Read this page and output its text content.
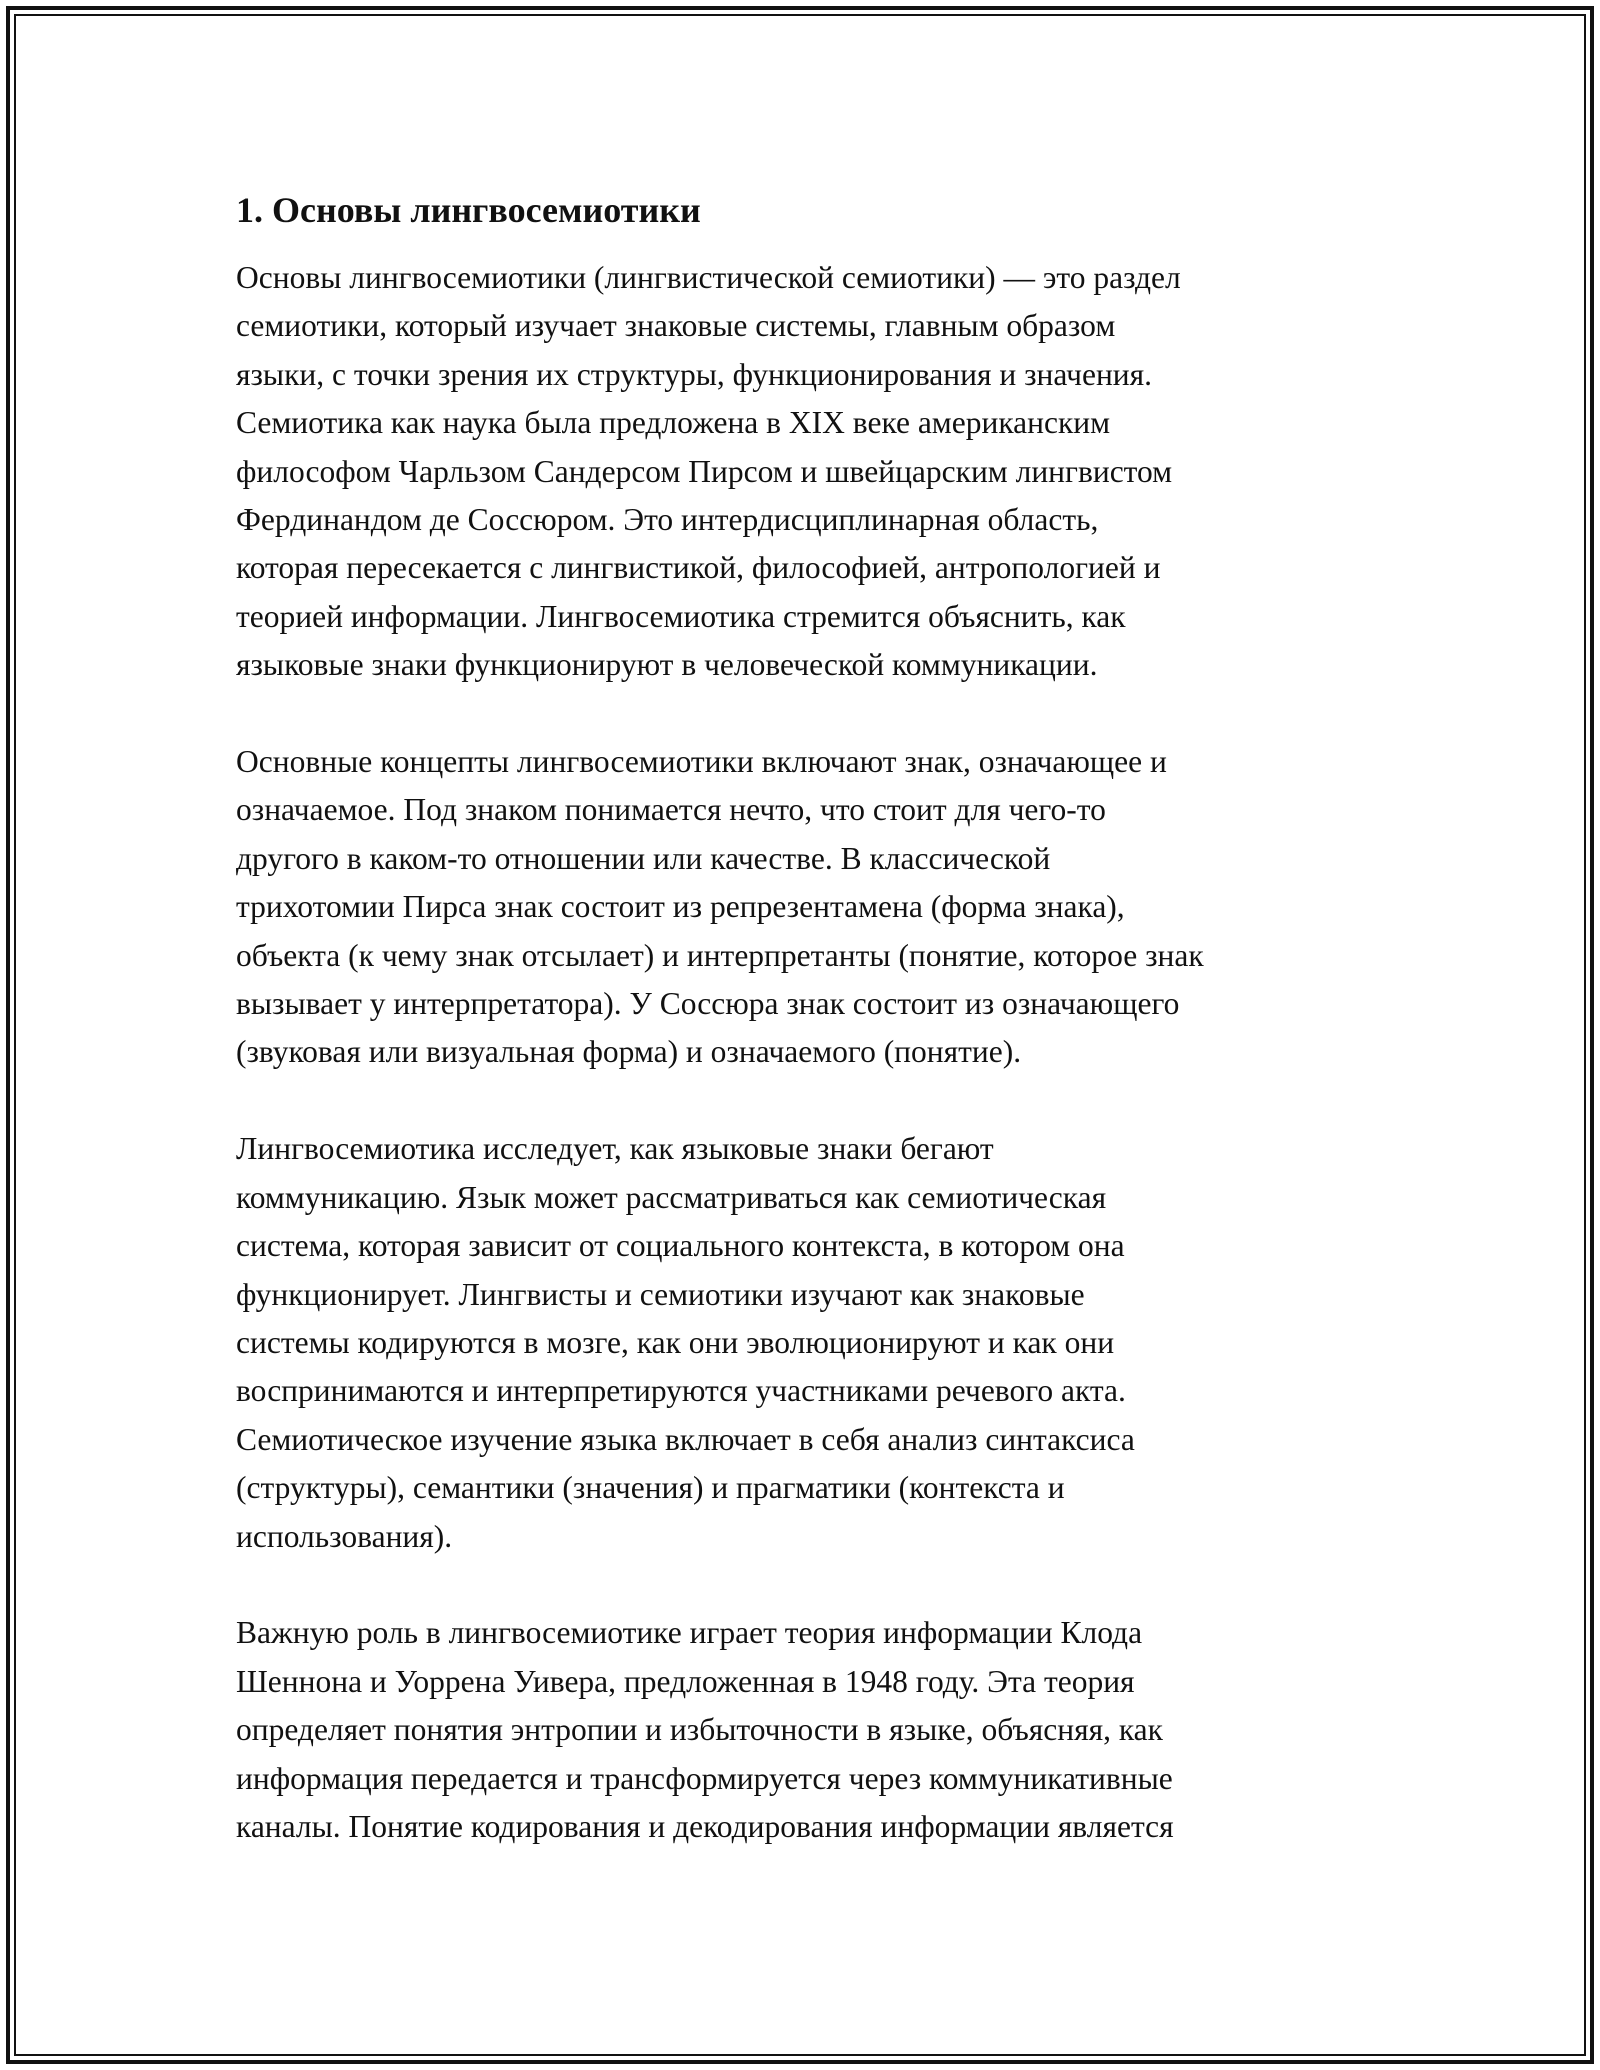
1. Основы лингвосемиотики

Основы лингвосемиотики (лингвистической семиотики) — это раздел
семиотики, который изучает знаковые системы, главным образом
языки, с точки зрения их структуры, функционирования и значения.
Семиотика как наука была предложена в XIX веке американским
философом Чарльзом Сандерсом Пирсом и швейцарским лингвистом
Фердинандом де Соссюром. Это интердисциплинарная область,
которая пересекается с лингвистикой, философией, антропологией и
теорией информации. Лингвосемиотика стремится объяснить, как
языковые знаки функционируют в человеческой коммуникации.

Основные концепты лингвосемиотики включают знак, означающее и
означаемое. Под знаком понимается нечто, что стоит для чего-то
другого в каком-то отношении или качестве. В классической
трихотомии Пирса знак состоит из репрезентамена (форма знака),
объекта (к чему знак отсылает) и интерпретанты (понятие, которое знак
вызывает у интерпретатора). У Соссюра знак состоит из означающего
(звуковая или визуальная форма) и означаемого (понятие).

Лингвосемиотика исследует, как языковые знаки бегают
коммуникацию. Язык может рассматриваться как семиотическая
система, которая зависит от социального контекста, в котором она
функционирует. Лингвисты и семиотики изучают как знаковые
системы кодируются в мозге, как они эволюционируют и как они
воспринимаются и интерпретируются участниками речевого акта.
Семиотическое изучение языка включает в себя анализ синтаксиса
(структуры), семантики (значения) и прагматики (контекста и
использования).

Важную роль в лингвосемиотике играет теория информации Клода
Шеннона и Уоррена Уивера, предложенная в 1948 году. Эта теория
определяет понятия энтропии и избыточности в языке, объясняя, как
информация передается и трансформируется через коммуникативные
каналы. Понятие кодирования и декодирования информации является
